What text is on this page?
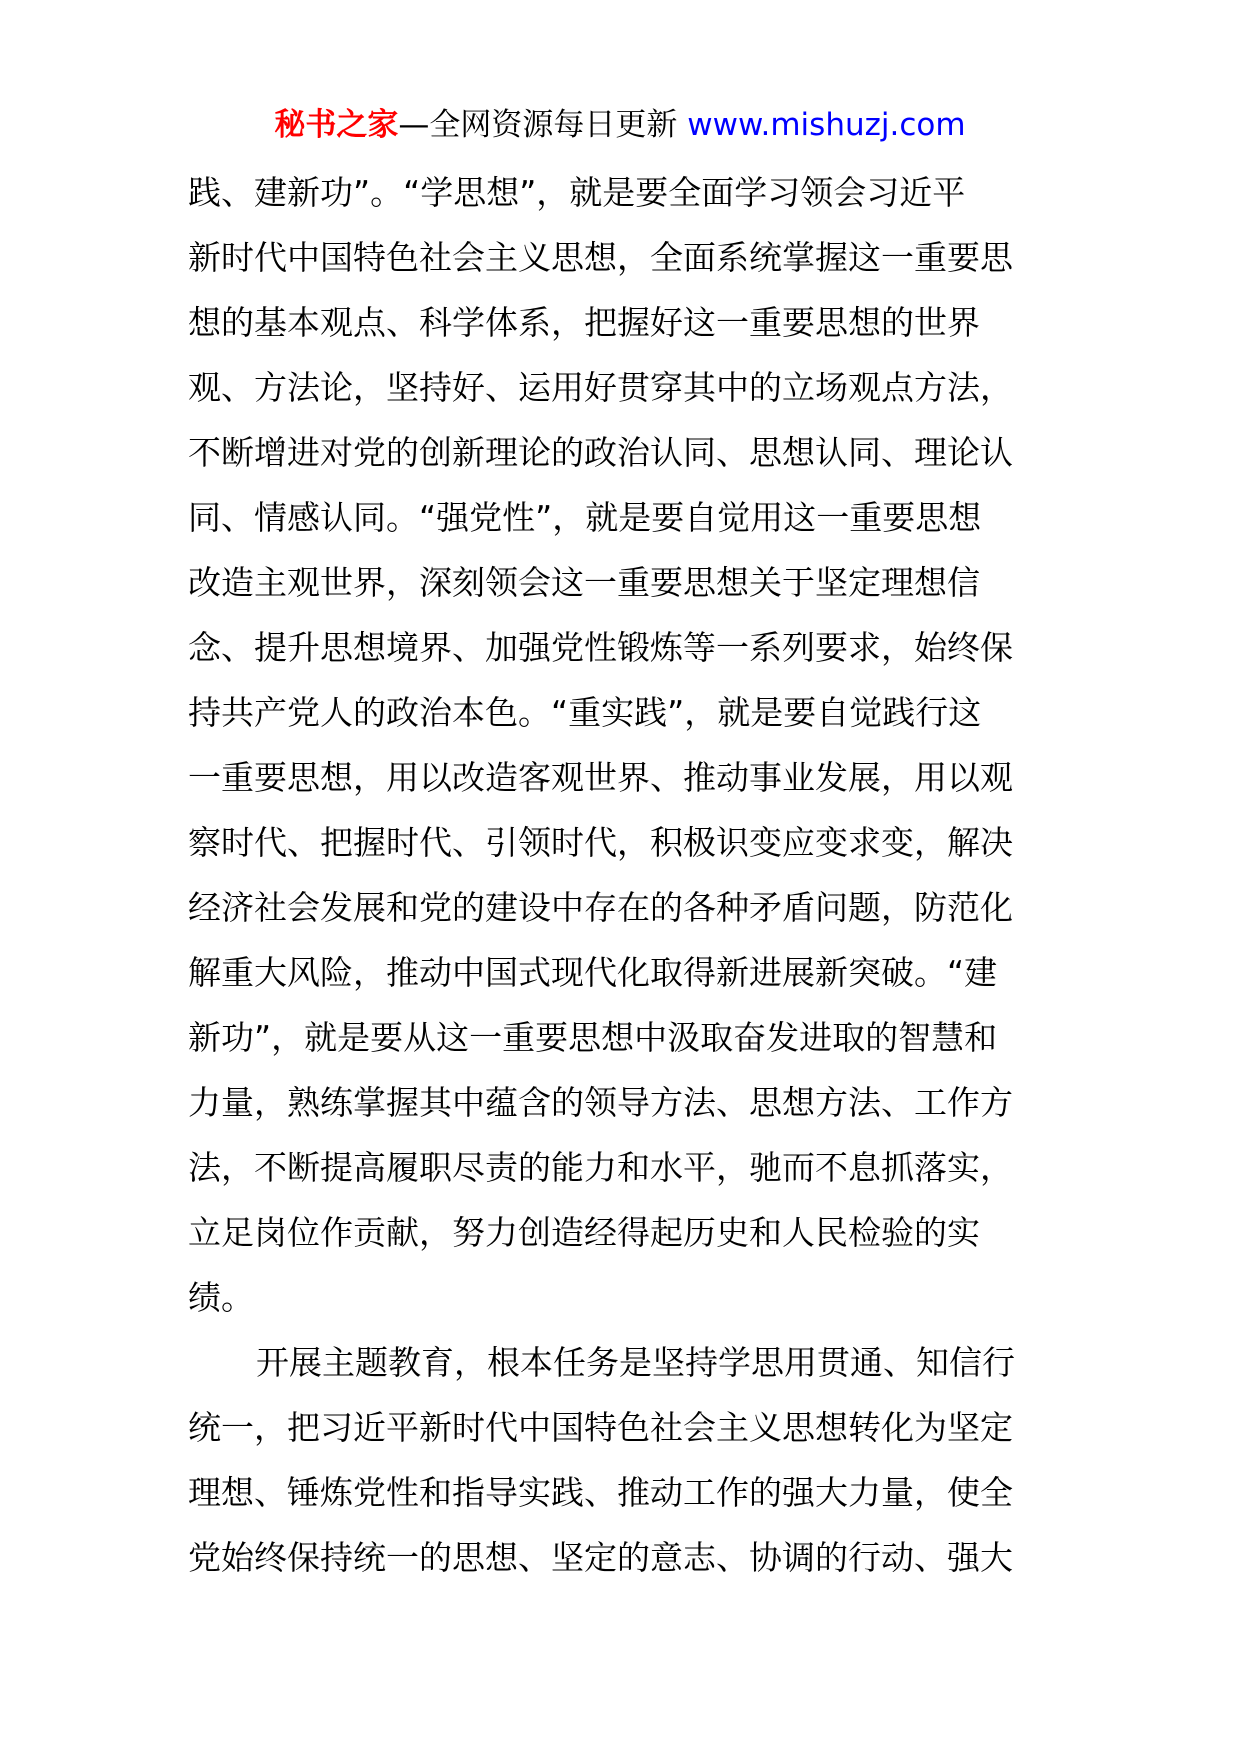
秘书之家—全网资源每日更新 www.mishuzj.com
践、建新功”。“学思想”，就是要全面学习领会习近平
新时代中国特色社会主义思想，全面系统掌握这一重要思
想的基本观点、科学体系，把握好这一重要思想的世界
观、方法论，坚持好、运用好贯穿其中的立场观点方法，
不断增进对党的创新理论的政治认同、思想认同、理论认
同、情感认同。“强党性”，就是要自觉用这一重要思想
改造主观世界，深刻领会这一重要思想关于坚定理想信
念、提升思想境界、加强党性锻炼等一系列要求，始终保
持共产党人的政治本色。“重实践”，就是要自觉践行这
一重要思想，用以改造客观世界、推动事业发展，用以观
察时代、把握时代、引领时代，积极识变应变求变，解决
经济社会发展和党的建设中存在的各种矛盾问题，防范化
解重大风险，推动中国式现代化取得新进展新突破。“建
新功”，就是要从这一重要思想中汲取奋发进取的智慧和
力量，熟练掌握其中蕴含的领导方法、思想方法、工作方
法，不断提高履职尽责的能力和水平，驰而不息抓落实，
立足岗位作贡献，努力创造经得起历史和人民检验的实
绩。
开展主题教育，根本任务是坚持学思用贯通、知信行
统一，把习近平新时代中国特色社会主义思想转化为坚定
理想、锤炼党性和指导实践、推动工作的强大力量，使全
党始终保持统一的思想、坚定的意志、协调的行动、强大
